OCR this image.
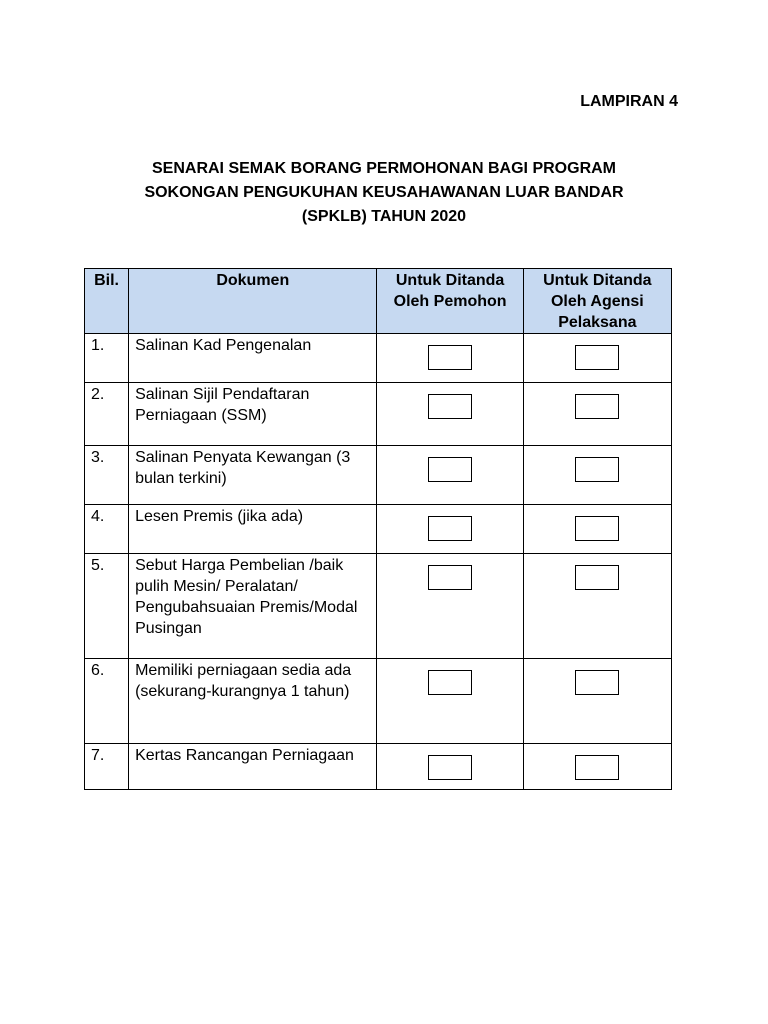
LAMPIRAN 4

SENARAI SEMAK BORANG PERMOHONAN BAGI PROGRAM
SOKONGAN PENGUKUHAN KEUSAHAWANAN LUAR BANDAR
(SPKLB) TAHUN 2020
Bil.	Dokumen	Untuk Ditanda Oleh Pemohon	Untuk Ditanda Oleh Agensi Pelaksana
1.	Salinan Kad Pengenalan		
2.	Salinan Sijil Pendaftaran Perniagaan (SSM)		
3.	Salinan Penyata Kewangan (3 bulan terkini)		
4.	Lesen Premis (jika ada)		
5.	Sebut Harga Pembelian /baik pulih Mesin/ Peralatan/ Pengubahsuaian Premis/Modal Pusingan		
6.	Memiliki perniagaan sedia ada (sekurang-kurangnya 1 tahun)		
7.	Kertas Rancangan Perniagaan		
